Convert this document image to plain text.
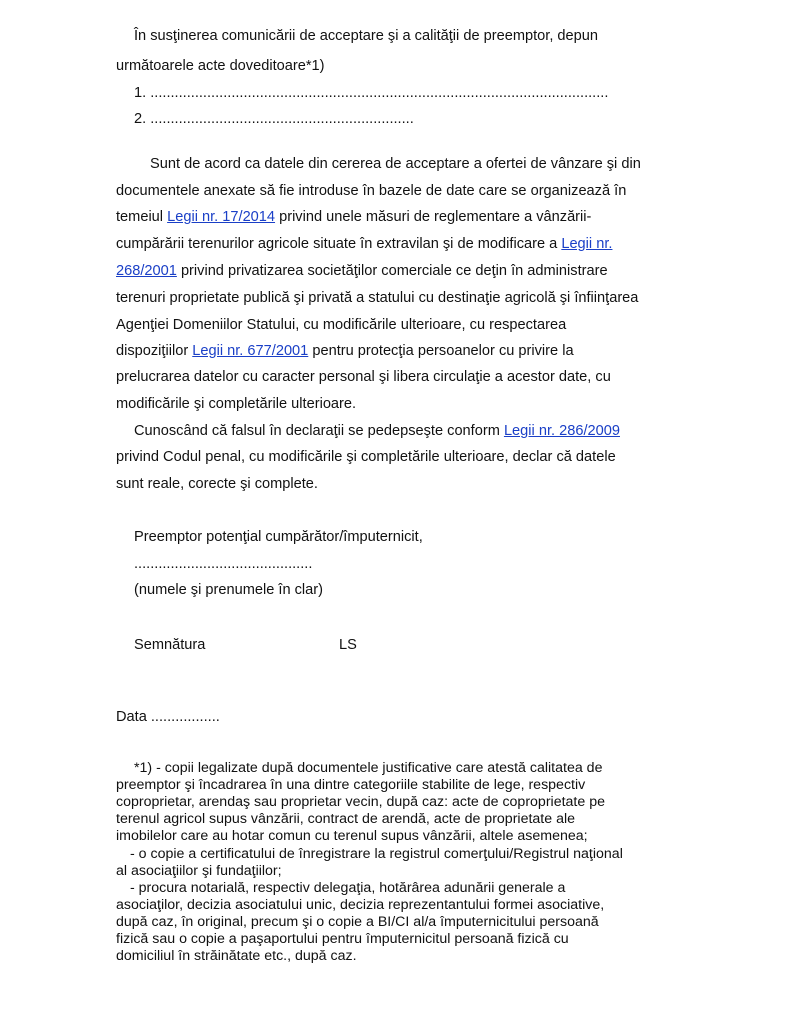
În susţinerea comunicării de acceptare şi a calităţii de preemptor, depun
următoarele acte doveditoare*1)
1. .................................................................................................................
2. .................................................................
Sunt de acord ca datele din cererea de acceptare a ofertei de vânzare şi din
documentele anexate să fie introduse în bazele de date care se organizează în
temeiul Legii nr. 17/2014 privind unele măsuri de reglementare a vânzării-
cumpărării terenurilor agricole situate în extravilan şi de modificare a Legii nr.
268/2001 privind privatizarea societăţilor comerciale ce deţin în administrare
terenuri proprietate publică şi privată a statului cu destinaţie agricolă şi înfiinţarea
Agenţiei Domeniilor Statului, cu modificările ulterioare, cu respectarea
dispoziţiilor Legii nr. 677/2001 pentru protecţia persoanelor cu privire la
prelucrarea datelor cu caracter personal şi libera circulaţie a acestor date, cu
modificările şi completările ulterioare.
Cunoscând că falsul în declaraţii se pedepseşte conform Legii nr. 286/2009
privind Codul penal, cu modificările şi completările ulterioare, declar că datele
sunt reale, corecte şi complete.
Preemptor potenţial cumpărător/împuternicit,
............................................
(numele şi prenumele în clar)
Semnătura	LS
Data .................
*1) - copii legalizate după documentele justificative care atestă calitatea de
preemptor şi încadrarea în una dintre categoriile stabilite de lege, respectiv
coproprietar, arendaş sau proprietar vecin, după caz: acte de coproprietate pe
terenul agricol supus vânzării, contract de arendă, acte de proprietate ale
imobilelor care au hotar comun cu terenul supus vânzării, altele asemenea;
- o copie a certificatului de înregistrare la registrul comerţului/Registrul naţional
al asociaţiilor şi fundaţiilor;
- procura notarială, respectiv delegaţia, hotărârea adunării generale a
asociaţilor, decizia asociatului unic, decizia reprezentantului formei asociative,
după caz, în original, precum şi o copie a BI/CI al/a împuternicitului persoană
fizică sau o copie a paşaportului pentru împuternicitul persoană fizică cu
domiciliul în străinătate etc., după caz.
